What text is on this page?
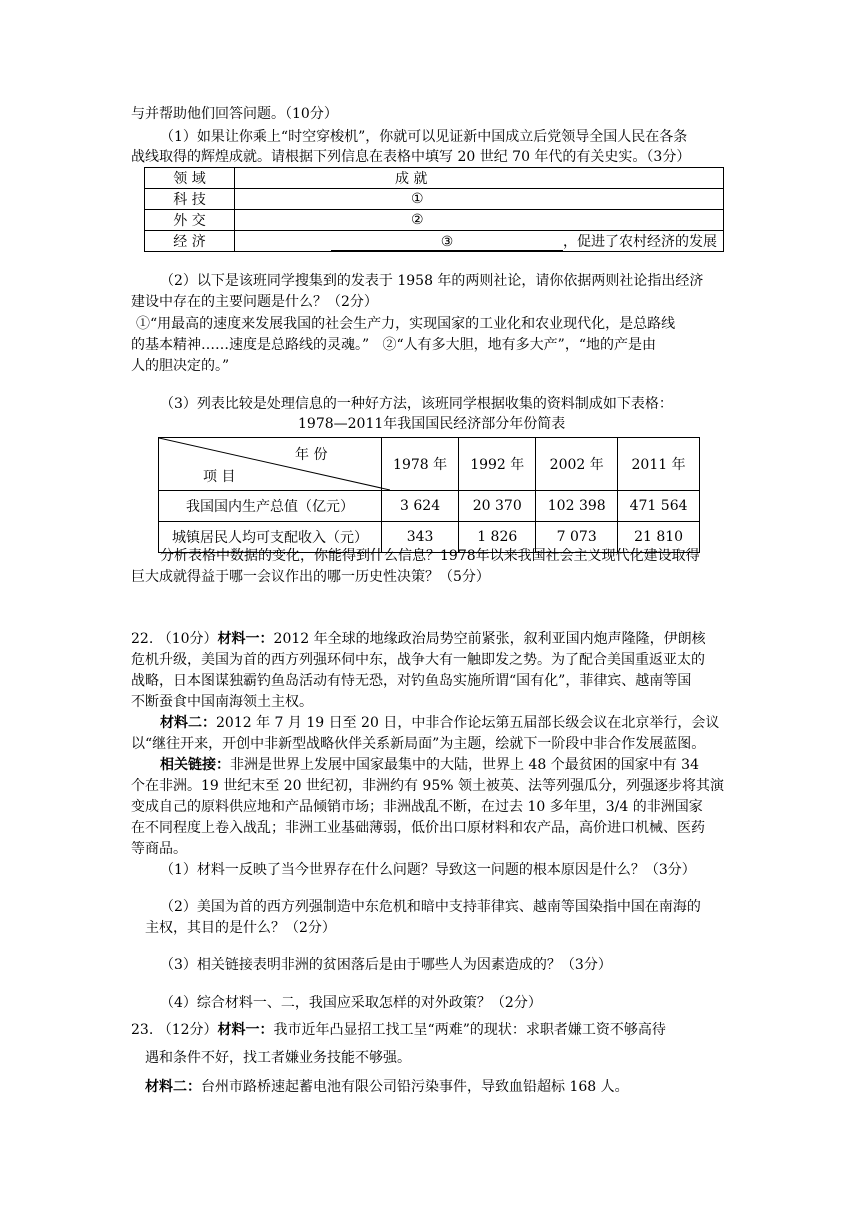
与并帮助他们回答问题。（10分）
（1）如果让你乘上“时空穿梭机”，你就可以见证新中国成立后党领导全国人民在各条
战线取得的辉煌成就。请根据下列信息在表格中填写 20 世纪 70 年代的有关史实。（3分）
领 域	成 就
科 技	①
外 交	②
经 济	③ ，促进了农村经济的发展
（2）以下是该班同学搜集到的发表于 1958 年的两则社论，请你依据两则社论指出经济
建设中存在的主要问题是什么？（2分）
①“用最高的速度来发展我国的社会生产力，实现国家的工业化和农业现代化，是总路线
的基本精神……速度是总路线的灵魂。”   ②“人有多大胆，地有多大产”，“地的产是由
人的胆决定的。”
（3）列表比较是处理信息的一种好方法，该班同学根据收集的资料制成如下表格：
1978—2011年我国国民经济部分年份简表
年 份
项 目	1978 年	1992 年	2002 年	2011 年
我国国内生产总值（亿元）	3 624	20 370	102 398	471 564
城镇居民人均可支配收入（元）	343	1 826	7 073	21 810
分析表格中数据的变化，你能得到什么信息？1978年以来我国社会主义现代化建设取得
巨大成就得益于哪一会议作出的哪一历史性决策？（5分）
22. （10分）材料一：2012 年全球的地缘政治局势空前紧张，叙利亚国内炮声隆隆，伊朗核
危机升级，美国为首的西方列强环伺中东，战争大有一触即发之势。为了配合美国重返亚太的
战略，日本图谋独霸钓鱼岛活动有恃无恐，对钓鱼岛实施所谓“国有化”，菲律宾、越南等国
不断蚕食中国南海领土主权。
材料二：2012 年 7 月 19 日至 20 日，中非合作论坛第五届部长级会议在北京举行，会议
以“继往开来，开创中非新型战略伙伴关系新局面”为主题，绘就下一阶段中非合作发展蓝图。
相关链接：非洲是世界上发展中国家最集中的大陆，世界上 48 个最贫困的国家中有 34
个在非洲。19 世纪末至 20 世纪初，非洲约有 95% 领土被英、法等列强瓜分，列强逐步将其演
变成自己的原料供应地和产品倾销市场；非洲战乱不断，在过去 10 多年里，3/4 的非洲国家
在不同程度上卷入战乱；非洲工业基础薄弱，低价出口原材料和农产品，高价进口机械、医药
等商品。
（1）材料一反映了当今世界存在什么问题？导致这一问题的根本原因是什么？（3分）
（2）美国为首的西方列强制造中东危机和暗中支持菲律宾、越南等国染指中国在南海的
主权，其目的是什么？（2分）
（3）相关链接表明非洲的贫困落后是由于哪些人为因素造成的？（3分）
（4）综合材料一、二，我国应采取怎样的对外政策？（2分）
23. （12分）材料一：我市近年凸显招工找工呈“两难”的现状：求职者嫌工资不够高待
遇和条件不好，找工者嫌业务技能不够强。
材料二：台州市路桥速起蓄电池有限公司铅污染事件，导致血铅超标 168 人。
